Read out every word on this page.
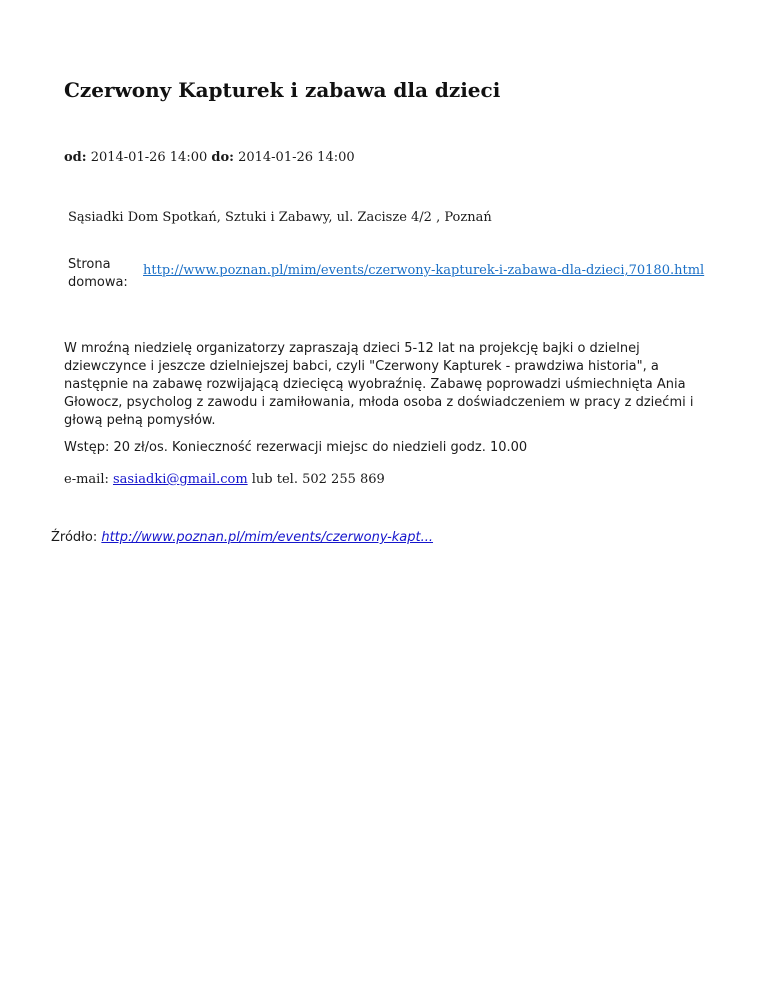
Czerwony Kapturek i zabawa dla dzieci
od: 2014-01-26 14:00 do: 2014-01-26 14:00
Sąsiadki Dom Spotkań, Sztuki i Zabawy, ul. Zacisze 4/2 , Poznań
Strona domowa:
http://www.poznan.pl/mim/events/czerwony-kapturek-i-zabawa-dla-dzieci,70180.html

W mroźną niedzielę organizatorzy zapraszają dzieci 5-12 lat na projekcję bajki o dzielnej dziewczynce i jeszcze dzielniejszej babci, czyli "Czerwony Kapturek - prawdziwa historia", a następnie na zabawę rozwijającą dziecięcą wyobraźnię. Zabawę poprowadzi uśmiechnięta Ania Głowocz, psycholog z zawodu i zamiłowania, młoda osoba z doświadczeniem w pracy z dziećmi i głową pełną pomysłów.

Wstęp: 20 zł/os. Konieczność rezerwacji miejsc do niedzieli godz. 10.00

e-mail: sasiadki@gmail.com lub tel. 502 255 869

Źródło: http://www.poznan.pl/mim/events/czerwony-kapt...
